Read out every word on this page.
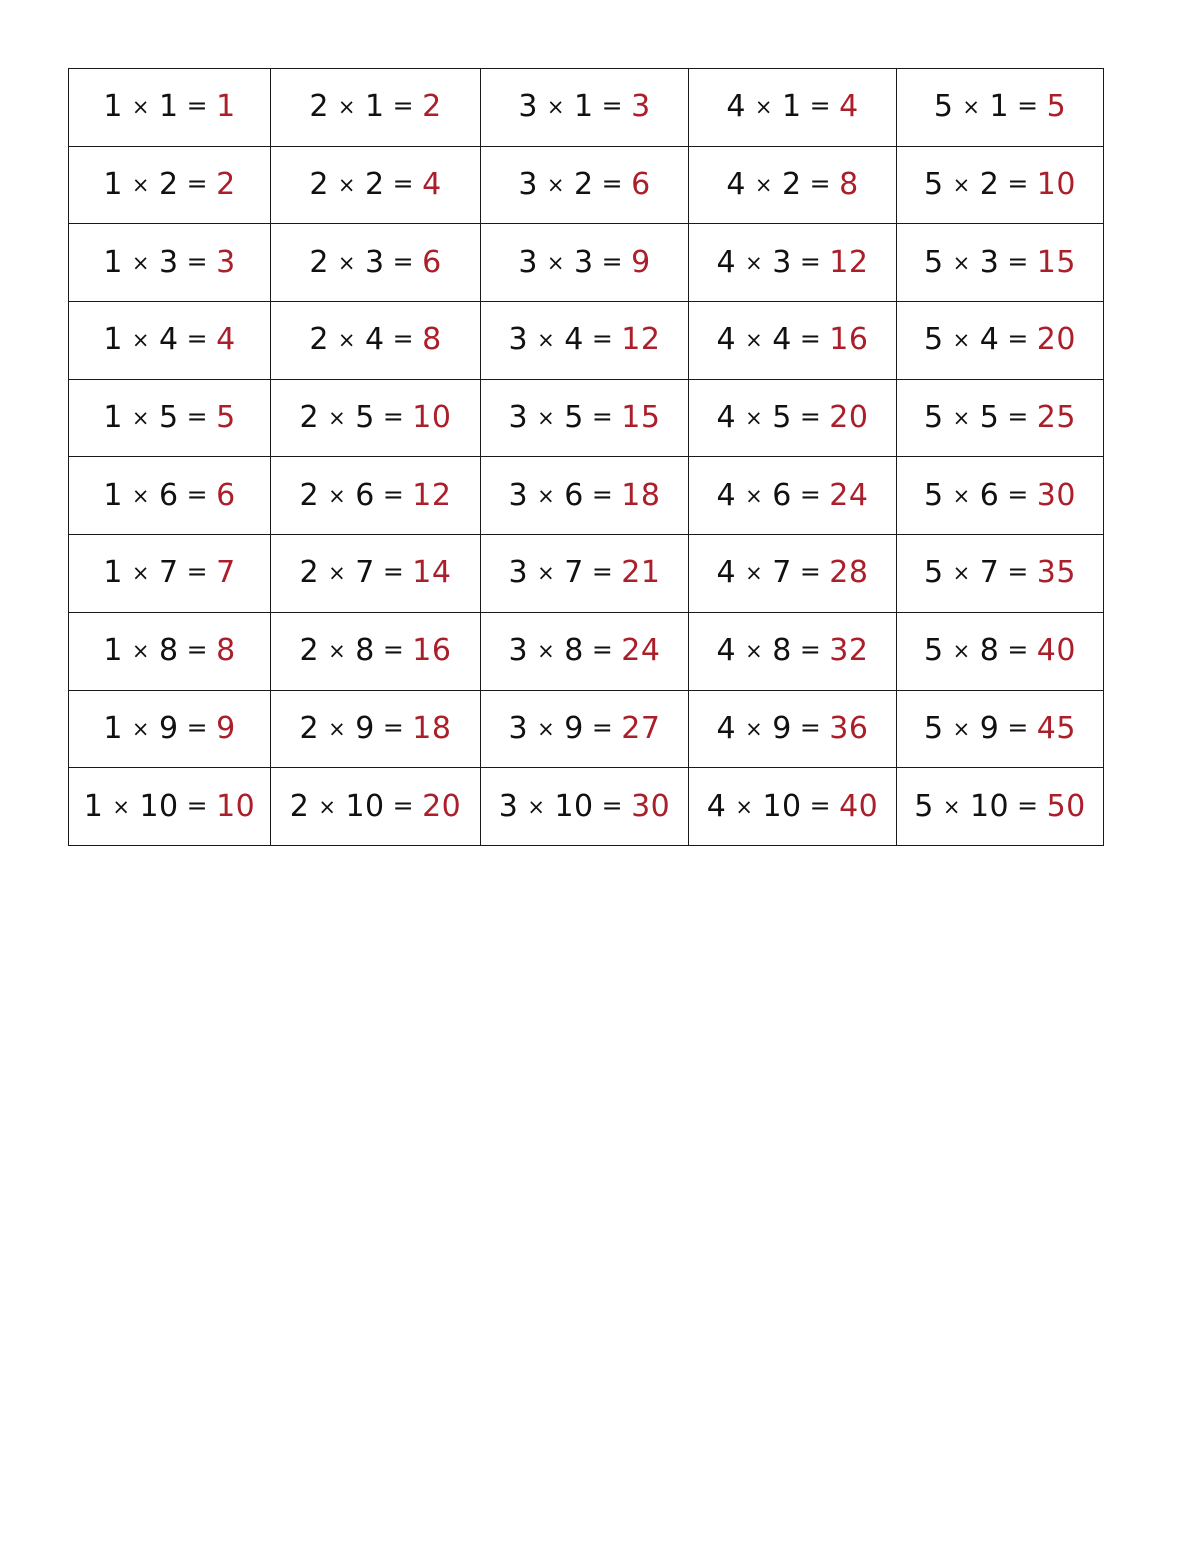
1 × 1 = 1	2 × 1 = 2	3 × 1 = 3	4 × 1 = 4	5 × 1 = 5
1 × 2 = 2	2 × 2 = 4	3 × 2 = 6	4 × 2 = 8	5 × 2 = 10
1 × 3 = 3	2 × 3 = 6	3 × 3 = 9	4 × 3 = 12	5 × 3 = 15
1 × 4 = 4	2 × 4 = 8	3 × 4 = 12	4 × 4 = 16	5 × 4 = 20
1 × 5 = 5	2 × 5 = 10	3 × 5 = 15	4 × 5 = 20	5 × 5 = 25
1 × 6 = 6	2 × 6 = 12	3 × 6 = 18	4 × 6 = 24	5 × 6 = 30
1 × 7 = 7	2 × 7 = 14	3 × 7 = 21	4 × 7 = 28	5 × 7 = 35
1 × 8 = 8	2 × 8 = 16	3 × 8 = 24	4 × 8 = 32	5 × 8 = 40
1 × 9 = 9	2 × 9 = 18	3 × 9 = 27	4 × 9 = 36	5 × 9 = 45
1 × 10 = 10	2 × 10 = 20	3 × 10 = 30	4 × 10 = 40	5 × 10 = 50
